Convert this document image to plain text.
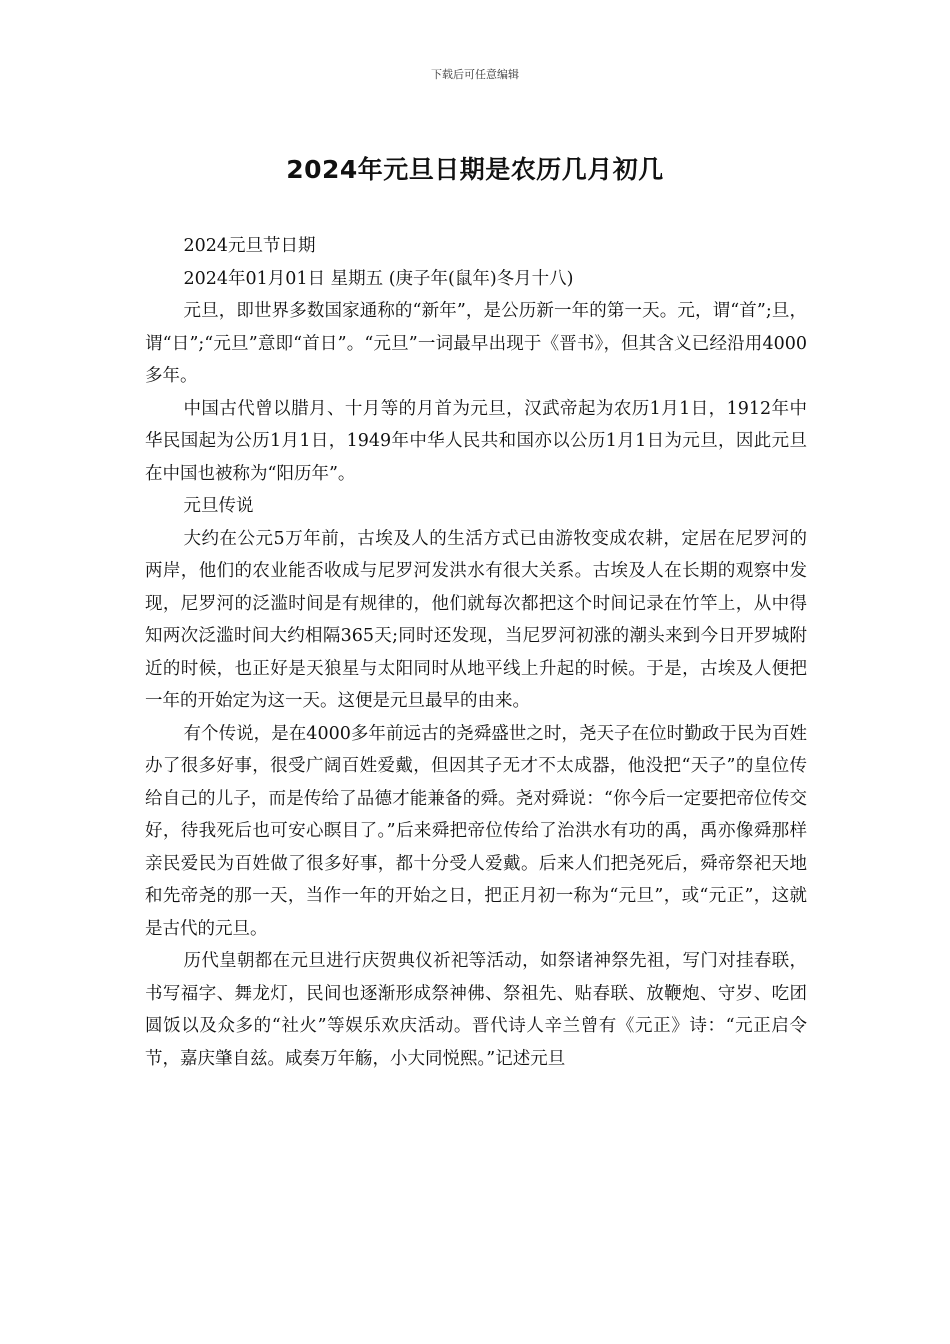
下载后可任意编辑
2024年元旦日期是农历几月初几

2024元旦节日期

2024年01月01日 星期五 (庚子年(鼠年)冬月十八)

元旦，即世界多数国家通称的“新年”，是公历新一年的第一天。元，谓“首”;旦，谓“日”;“元旦”意即“首日”。“元旦”一词最早出现于《晋书》，但其含义已经沿用4000多年。

中国古代曾以腊月、十月等的月首为元旦，汉武帝起为农历1月1日，1912年中华民国起为公历1月1日，1949年中华人民共和国亦以公历1月1日为元旦，因此元旦在中国也被称为“阳历年”。

元旦传说

大约在公元5万年前，古埃及人的生活方式已由游牧变成农耕，定居在尼罗河的两岸，他们的农业能否收成与尼罗河发洪水有很大关系。古埃及人在长期的观察中发现，尼罗河的泛滥时间是有规律的，他们就每次都把这个时间记录在竹竿上，从中得知两次泛滥时间大约相隔365天;同时还发现，当尼罗河初涨的潮头来到今日开罗城附近的时候，也正好是天狼星与太阳同时从地平线上升起的时候。于是，古埃及人便把一年的开始定为这一天。这便是元旦最早的由来。

有个传说，是在4000多年前远古的尧舜盛世之时，尧天子在位时勤政于民为百姓办了很多好事，很受广阔百姓爱戴，但因其子无才不太成器，他没把“天子”的皇位传给自己的儿子，而是传给了品德才能兼备的舜。尧对舜说：“你今后一定要把帝位传交好，待我死后也可安心瞑目了。”后来舜把帝位传给了治洪水有功的禹，禹亦像舜那样亲民爱民为百姓做了很多好事，都十分受人爱戴。后来人们把尧死后，舜帝祭祀天地和先帝尧的那一天，当作一年的开始之日，把正月初一称为“元旦”，或“元正”，这就是古代的元旦。

历代皇朝都在元旦进行庆贺典仪祈祀等活动，如祭诸神祭先祖，写门对挂春联，书写福字、舞龙灯，民间也逐渐形成祭神佛、祭祖先、贴春联、放鞭炮、守岁、吃团圆饭以及众多的“社火”等娱乐欢庆活动。晋代诗人辛兰曾有《元正》诗：“元正启令节，嘉庆肇自兹。咸奏万年觞，小大同悦熙。”记述元旦
